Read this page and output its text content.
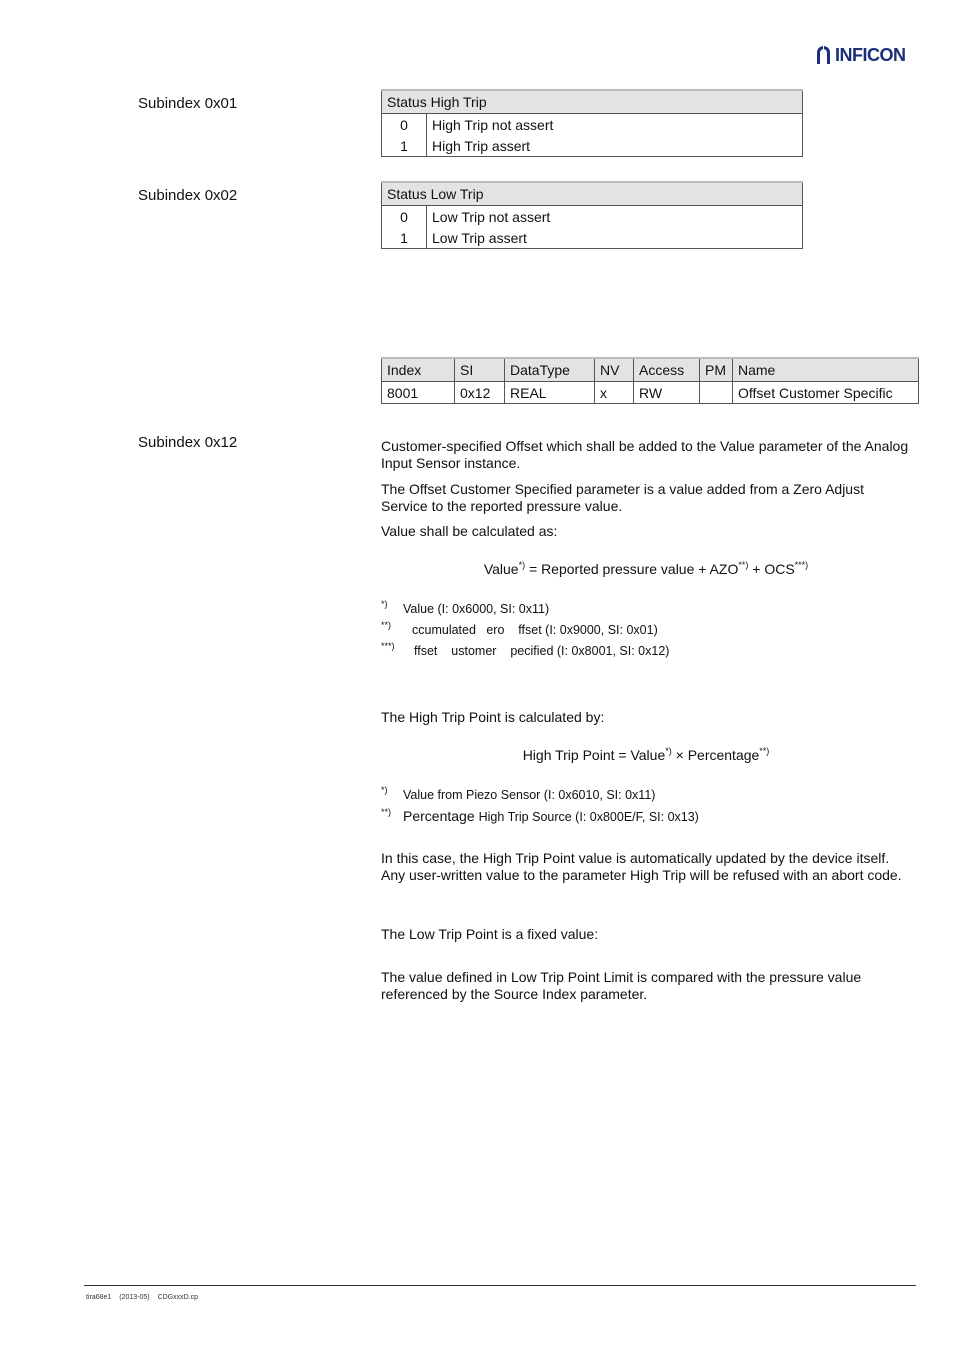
INFICON
Subindex 0x01	Status High Trip	
0	High Trip not assert
1	High Trip assert
Subindex 0x02	Status Low Trip	
0	Low Trip not assert
1	Low Trip assert
Index	SI	DataType	NV	Access	PM	Name
8001	0x12	REAL	x	RW		Offset Customer Specific
Subindex 0x12	Customer-specified Offset which shall be added to the Value parameter of the Analog Input Sensor instance.
The Offset Customer Specified parameter is a value added from a Zero Adjust Service to the reported pressure value.
Value shall be calculated as:
Value*) = Reported pressure value + AZO**) + OCS***)
*)	Value (I: 0x6000, SI: 0x11)
**)	ccumulated   ero    ffset (I: 0x9000, SI: 0x01)
***)	ffset    ustomer    pecified (I: 0x8001, SI: 0x12)
The High Trip Point is calculated by:
High Trip Point = Value*) × Percentage**)
*)	Value from Piezo Sensor (I: 0x6010, SI: 0x11)
**) Percentage High Trip Source (I: 0x800E/F, SI: 0x13)
In this case, the High Trip Point value is automatically updated by the device itself. Any user-written value to the parameter High Trip will be refused with an abort code.
The Low Trip Point is a fixed value:
The value defined in Low Trip Point Limit is compared with the pressure value referenced by the Source Index parameter.
tira68e1 (2013-05) CDGxxxD.cp
